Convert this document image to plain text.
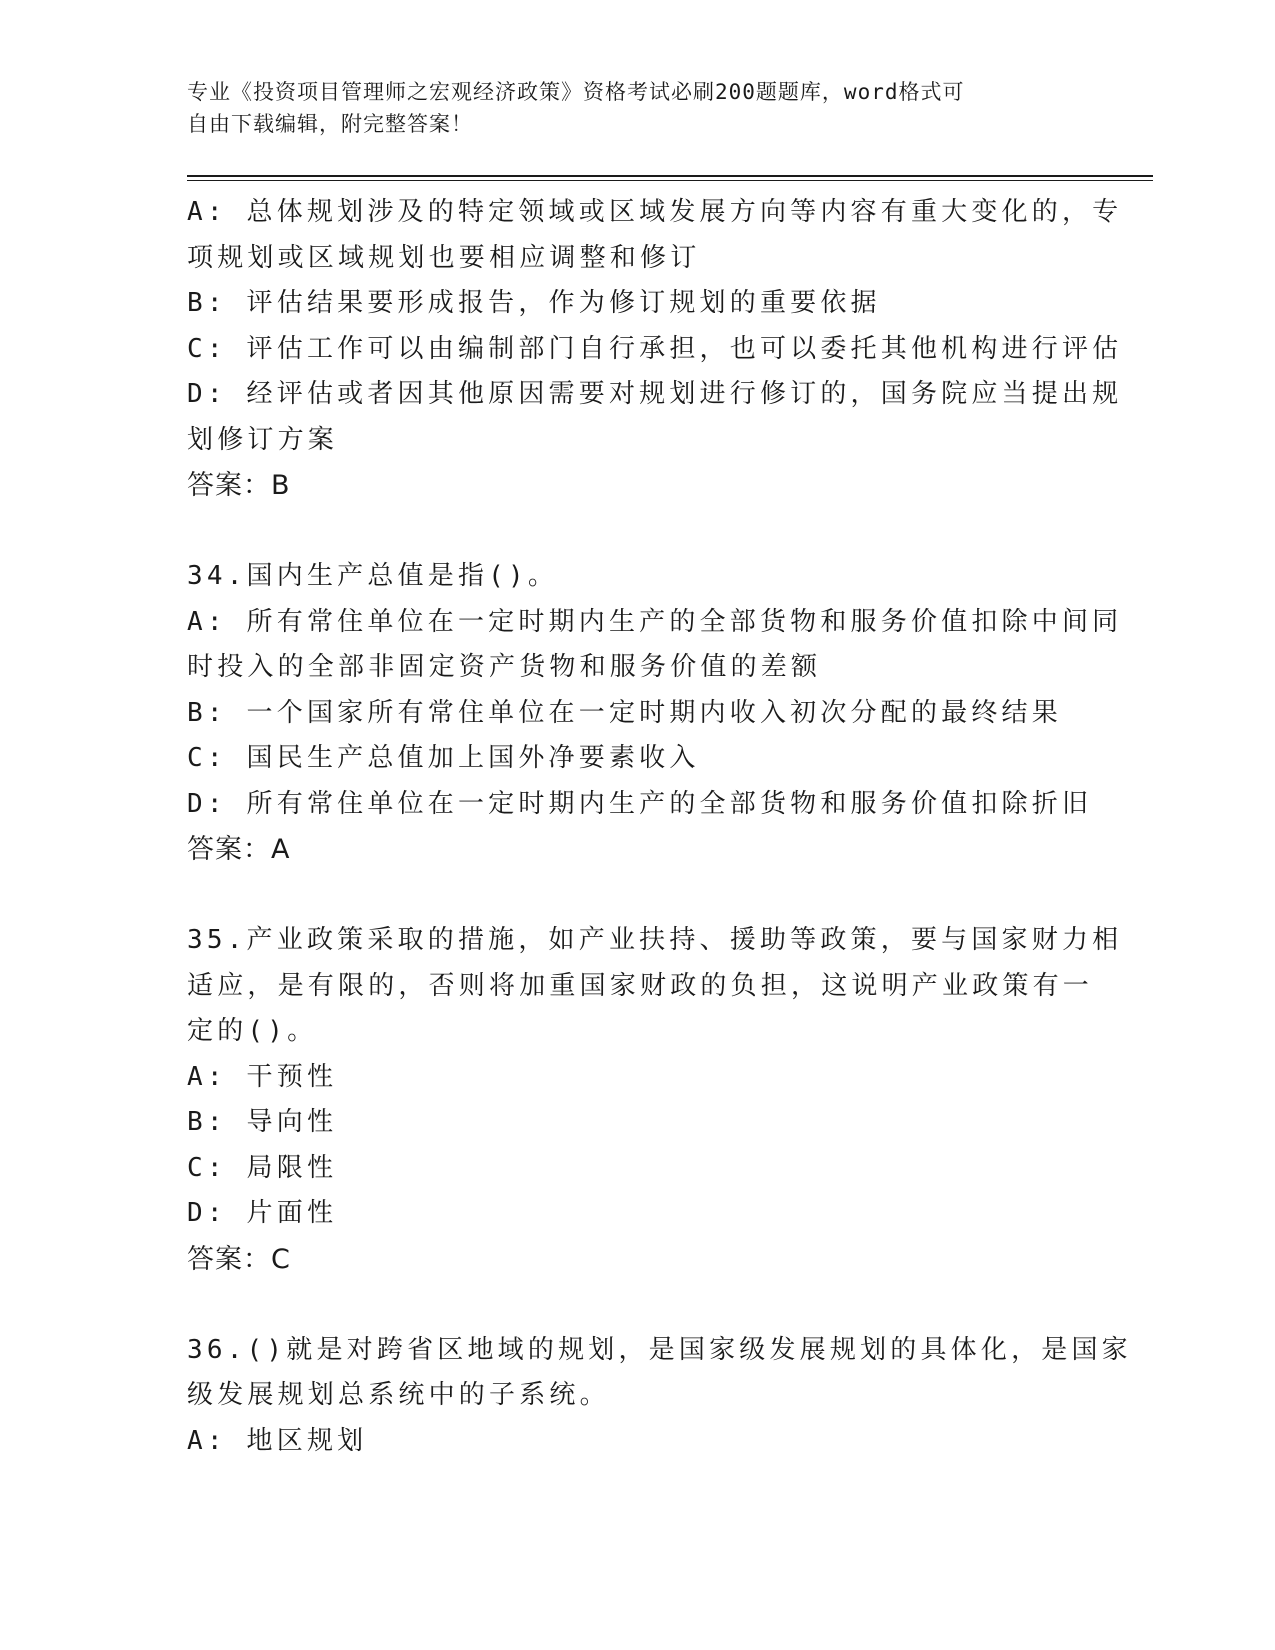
专业《投资项目管理师之宏观经济政策》资格考试必刷200题题库，word格式可
自由下载编辑，附完整答案！
A: 总体规划涉及的特定领域或区域发展方向等内容有重大变化的，专
项规划或区域规划也要相应调整和修订
B: 评估结果要形成报告，作为修订规划的重要依据
C: 评估工作可以由编制部门自行承担，也可以委托其他机构进行评估
D: 经评估或者因其他原因需要对规划进行修订的，国务院应当提出规
划修订方案
答案：B
34.国内生产总值是指()。
A: 所有常住单位在一定时期内生产的全部货物和服务价值扣除中间同
时投入的全部非固定资产货物和服务价值的差额
B: 一个国家所有常住单位在一定时期内收入初次分配的最终结果
C: 国民生产总值加上国外净要素收入
D: 所有常住单位在一定时期内生产的全部货物和服务价值扣除折旧
答案：A
35.产业政策采取的措施，如产业扶持、援助等政策，要与国家财力相
适应，是有限的，否则将加重国家财政的负担，这说明产业政策有一
定的()。
A: 干预性
B: 导向性
C: 局限性
D: 片面性
答案：C
36.()就是对跨省区地域的规划，是国家级发展规划的具体化，是国家
级发展规划总系统中的子系统。
A: 地区规划
